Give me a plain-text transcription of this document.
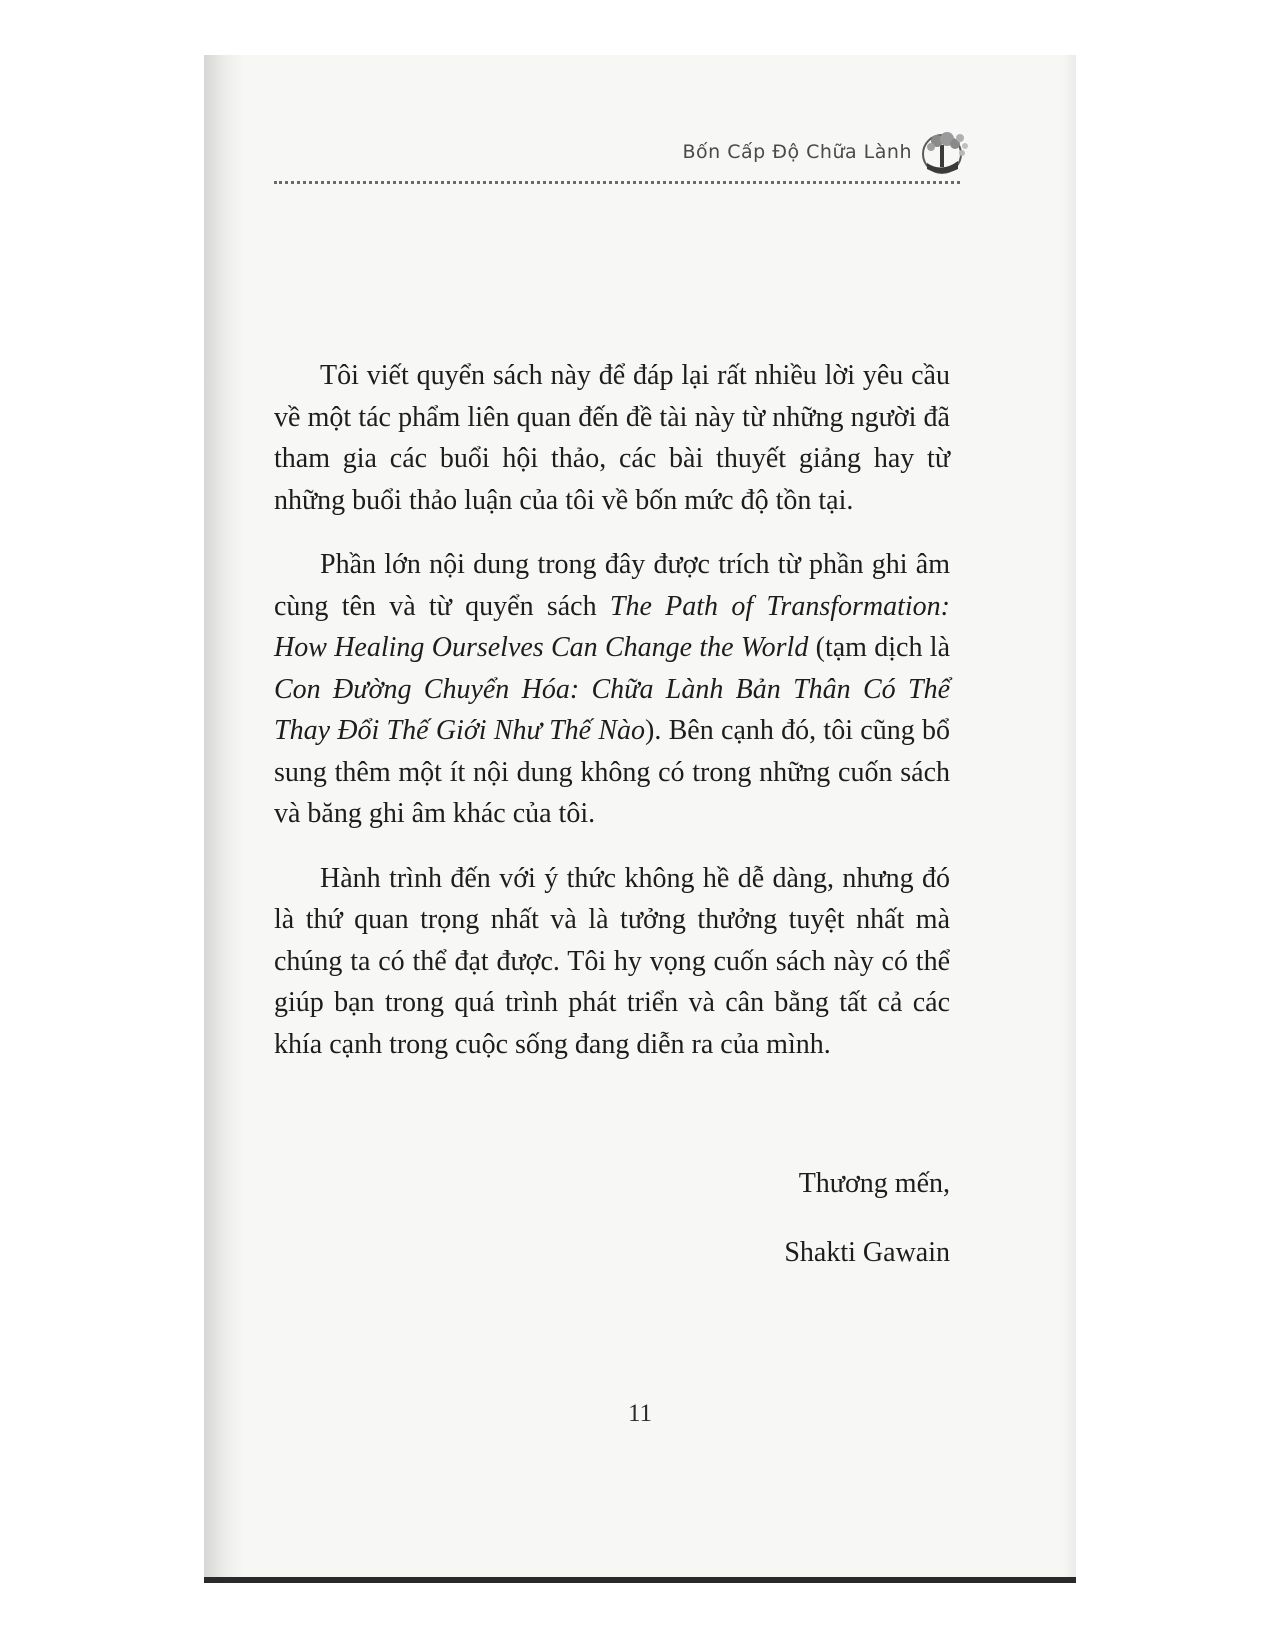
Bốn Cấp Độ Chữa Lành

Tôi viết quyển sách này để đáp lại rất nhiều lời yêu cầu về một tác phẩm liên quan đến đề tài này từ những người đã tham gia các buổi hội thảo, các bài thuyết giảng hay từ những buổi thảo luận của tôi về bốn mức độ tồn tại.

Phần lớn nội dung trong đây được trích từ phần ghi âm cùng tên và từ quyển sách The Path of Transformation: How Healing Ourselves Can Change the World (tạm dịch là Con Đường Chuyển Hóa: Chữa Lành Bản Thân Có Thể Thay Đổi Thế Giới Như Thế Nào). Bên cạnh đó, tôi cũng bổ sung thêm một ít nội dung không có trong những cuốn sách và băng ghi âm khác của tôi.

Hành trình đến với ý thức không hề dễ dàng, nhưng đó là thứ quan trọng nhất và là tưởng thưởng tuyệt nhất mà chúng ta có thể đạt được. Tôi hy vọng cuốn sách này có thể giúp bạn trong quá trình phát triển và cân bằng tất cả các khía cạnh trong cuộc sống đang diễn ra của mình.

Thương mến,
Shakti Gawain
11
